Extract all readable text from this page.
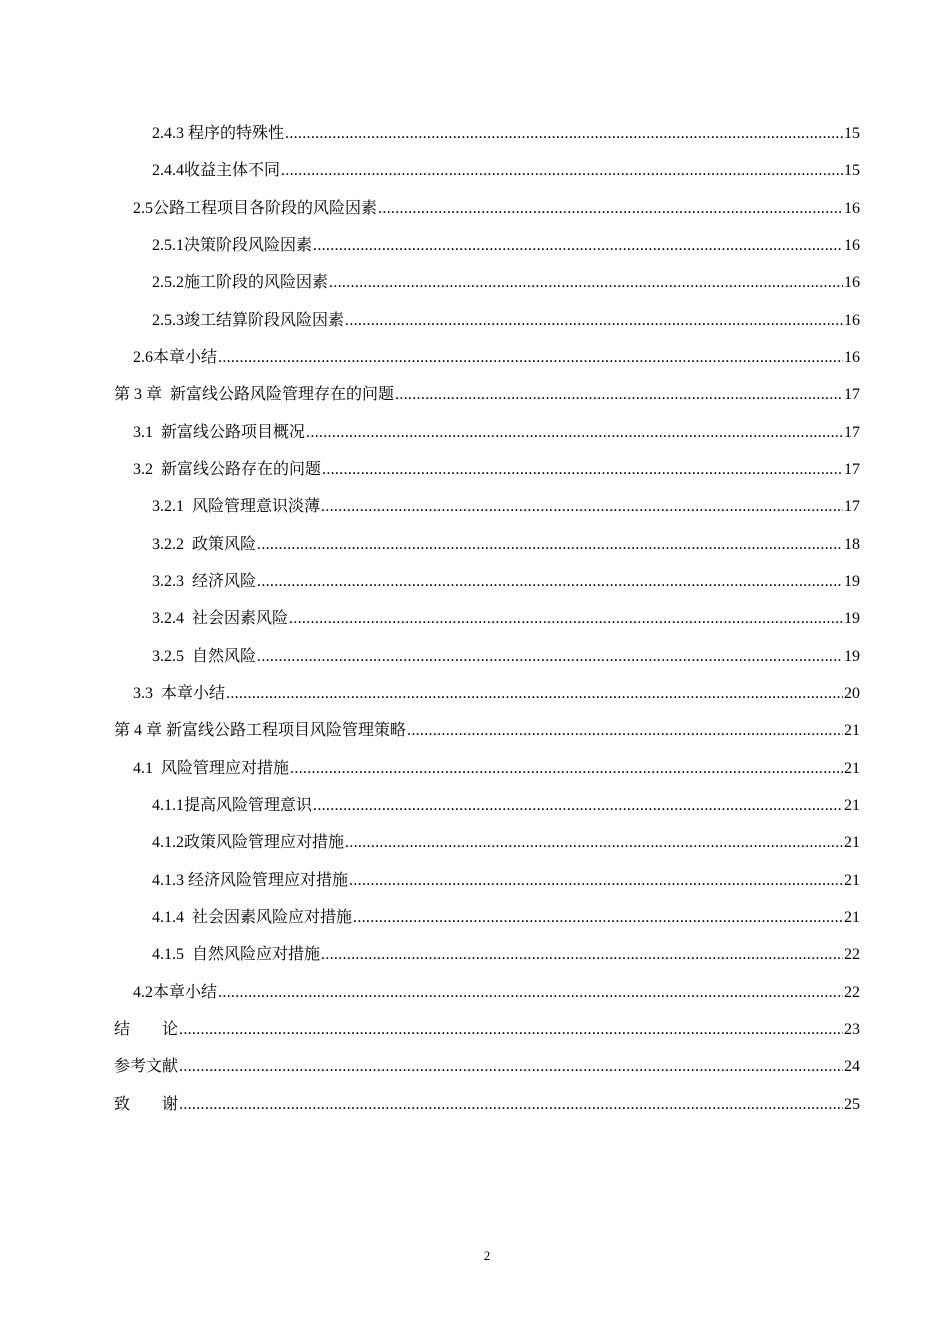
2.4.3 程序的特殊性 .....	15
2.4.4收益主体不同 .....	15
2.5公路工程项目各阶段的风险因素 .....	16
2.5.1决策阶段风险因素 .....	16
2.5.2施工阶段的风险因素 .....	16
2.5.3竣工结算阶段风险因素 .....	16
2.6本章小结 .....	16
第 3 章 新富线公路风险管理存在的问题 .....	17
3.1 新富线公路项目概况 .....	17
3.2 新富线公路存在的问题 .....	17
3.2.1 风险管理意识淡薄 .....	17
3.2.2 政策风险 .....	18
3.2.3 经济风险 .....	19
3.2.4 社会因素风险 .....	19
3.2.5 自然风险 .....	19
3.3 本章小结 .....	20
第 4 章 新富线公路工程项目风险管理策略 .....	21
4.1 风险管理应对措施 .....	21
4.1.1提高风险管理意识 .....	21
4.1.2政策风险管理应对措施 .....	21
4.1.3 经济风险管理应对措施 .....	21
4.1.4 社会因素风险应对措施 .....	21
4.1.5 自然风险应对措施 .....	22
4.2本章小结 .....	22
结　　论 .....	23
参考文献 .....	24
致　　谢 .....	25
2
